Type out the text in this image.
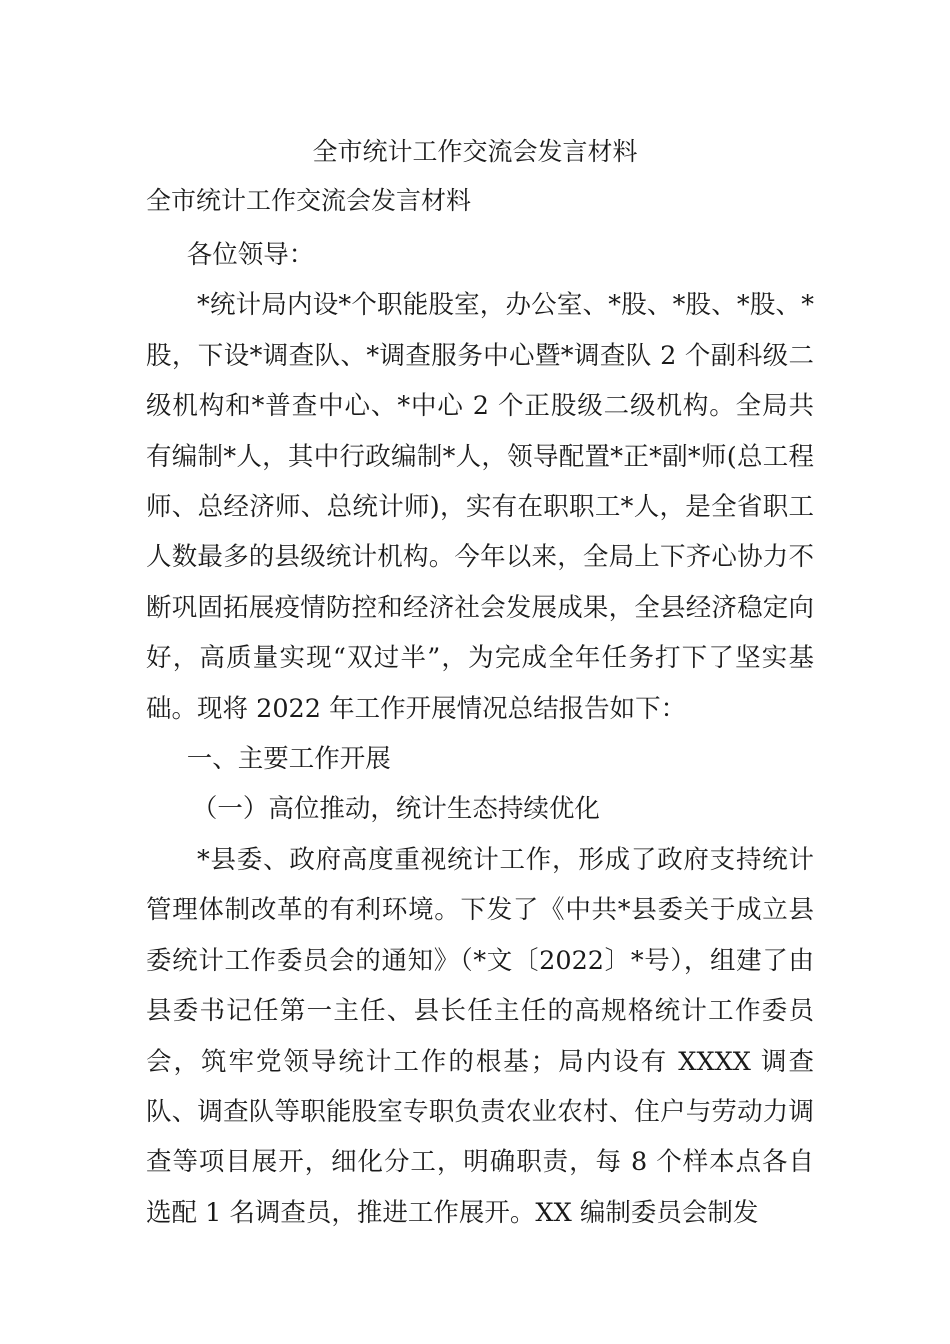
全市统计工作交流会发言材料
全市统计工作交流会发言材料

各位领导：

*统计局内设*个职能股室，办公室、*股、*股、*股、*股，下设*调查队、*调查服务中心暨*调查队 2 个副科级二级机构和*普查中心、*中心 2 个正股级二级机构。全局共有编制*人，其中行政编制*人，领导配置*正*副*师(总工程师、总经济师、总统计师)，实有在职职工*人，是全省职工人数最多的县级统计机构。今年以来，全局上下齐心协力不断巩固拓展疫情防控和经济社会发展成果，全县经济稳定向好，高质量实现“双过半”，为完成全年任务打下了坚实基础。现将 2022 年工作开展情况总结报告如下：

一、主要工作开展

（一）高位推动，统计生态持续优化

*县委、政府高度重视统计工作，形成了政府支持统计管理体制改革的有利环境。下发了《中共*县委关于成立县委统计工作委员会的通知》（*文〔2022〕*号），组建了由县委书记任第一主任、县长任主任的高规格统计工作委员会，筑牢党领导统计工作的根基；局内设有 XXXX 调查队、调查队等职能股室专职负责农业农村、住户与劳动力调查等项目展开，细化分工，明确职责，每 8 个样本点各自选配 1 名调查员，推进工作展开。XX 编制委员会制发
